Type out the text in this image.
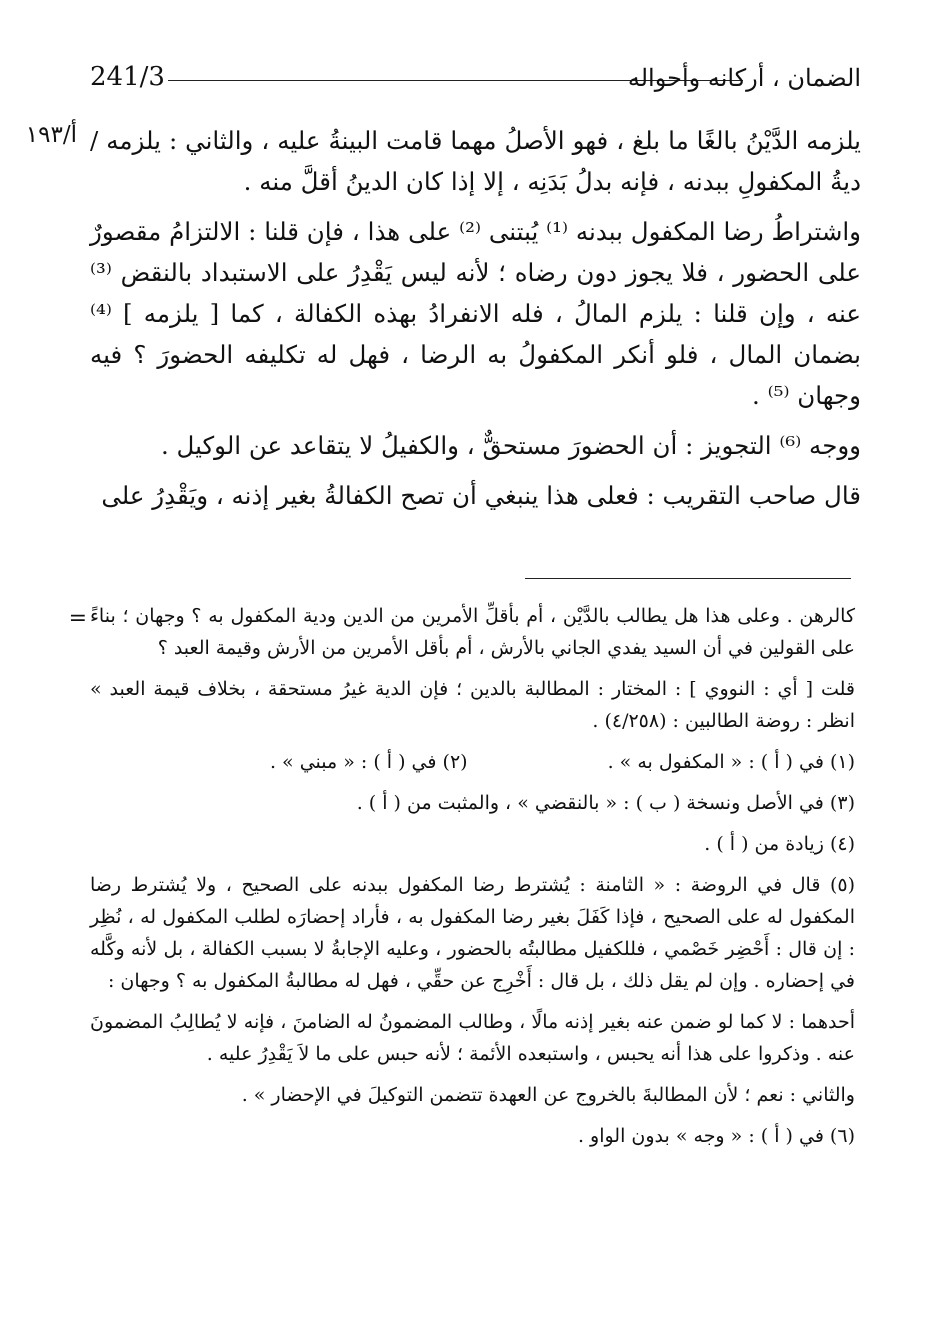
241/3	الضمان ، أركانه وأحواله
أ/١٩٣ يلزمه الدَّيْنُ بالغًا ما بلغ ، فهو الأصلُ مهما قامت البينةُ عليه ، والثاني : يلزمه / ديةُ المكفولِ ببدنه ، فإنه بدلُ بَدَنِه ، إلا إذا كان الدينُ أقلَّ منه .

واشتراطُ رضا المكفول ببدنه ⁽¹⁾ يُبتنى ⁽²⁾ على هذا ، فإن قلنا : الالتزامُ مقصورٌ على الحضور ، فلا يجوز دون رضاه ؛ لأنه ليس يَقْدِرُ على الاستبداد بالنقض ⁽³⁾ عنه ، وإن قلنا : يلزم المالُ ، فله الانفرادُ بهذه الكفالة ، كما [ يلزمه ] ⁽⁴⁾ بضمان المال ، فلو أنكر المكفولُ به الرضا ، فهل له تكليفه الحضورَ ؟ فيه وجهان ⁽⁵⁾ .

ووجه ⁽⁶⁾ التجويز : أن الحضورَ مستحقٌّ ، والكفيلُ لا يتقاعد عن الوكيل .

قال صاحب التقريب : فعلى هذا ينبغي أن تصح الكفالةُ بغير إذنه ، ويَقْدِرُ على

= كالرهن . وعلى هذا هل يطالب بالدَّيْن ، أم بأقلِّ الأمرين من الدين ودية المكفول به ؟ وجهان ؛ بناءً على القولين في أن السيد يفدي الجاني بالأرش ، أم بأقل الأمرين من الأرش وقيمة العبد ؟

قلت [ أي : النووي ] : المختار : المطالبة بالدين ؛ فإن الدية غيرُ مستحقة ، بخلاف قيمة العبد » انظر : روضة الطالبين : (٤/٢٥٨) .

(١) في ( أ ) : « المكفول به » .

(٢) في ( أ ) : « مبني » .

(٣) في الأصل ونسخة ( ب ) : « بالنقضي » ، والمثبت من ( أ ) .

(٤) زيادة من ( أ ) .

(٥) قال في الروضة : « الثامنة : يُشترط رضا المكفول ببدنه على الصحيح ، ولا يُشترط رضا المكفول له على الصحيح ، فإذا كَفَلَ بغير رضا المكفول به ، فأراد إحضارَه لطلب المكفول له ، نُظِر : إن قال : أَحْضِر خَصْمي ، فللكفيل مطالبتُه بالحضور ، وعليه الإجابةُ لا بسبب الكفالة ، بل لأنه وكَّله في إحضاره . وإن لم يقل ذلك ، بل قال : أَخْرِج عن حقِّي ، فهل له مطالبةُ المكفول به ؟ وجهان :

أحدهما : لا كما لو ضمن عنه بغير إذنه مالًا ، وطالب المضمونُ له الضامنَ ، فإنه لا يُطالِبُ المضمونَ عنه . وذكروا على هذا أنه يحبس ، واستبعده الأئمة ؛ لأنه حبس على ما لاَ يَقْدِرُ عليه .

والثاني : نعم ؛ لأن المطالبةَ بالخروج عن العهدة تتضمن التوكيلَ في الإحضار » .

(٦) في ( أ ) : « وجه » بدون الواو .
